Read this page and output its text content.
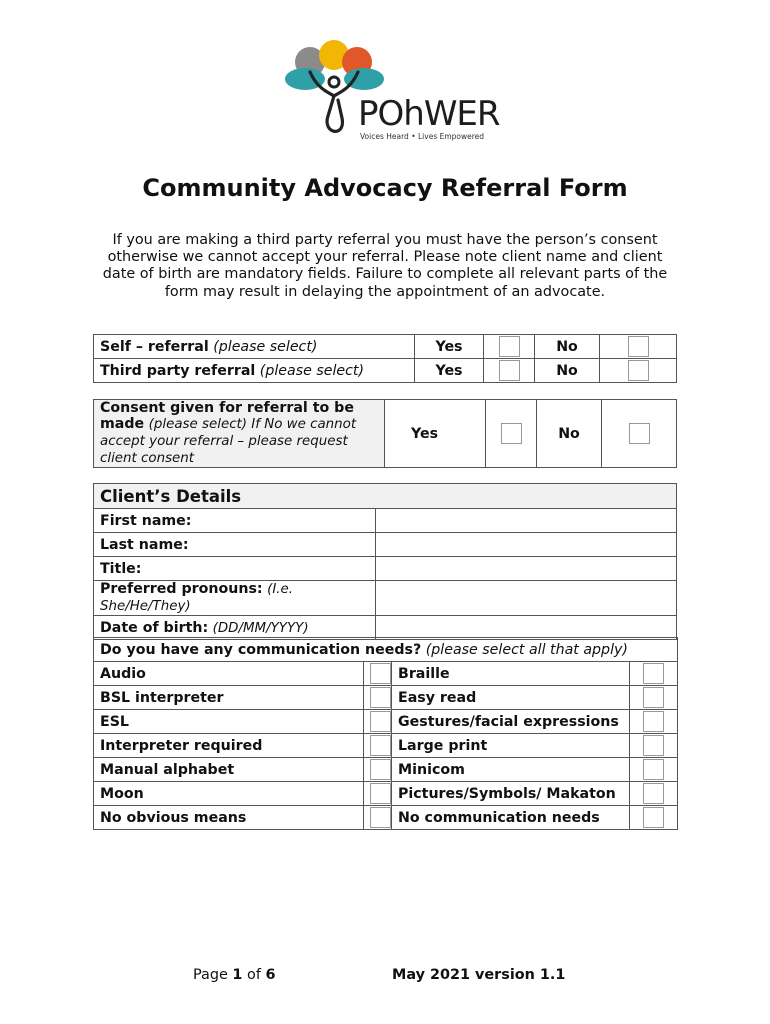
POhWER
Voices Heard • Lives Empowered
Community Advocacy Referral Form
If you are making a third party referral you must have the person’s consent otherwise we cannot accept your referral. Please note client name and client date of birth are mandatory fields. Failure to complete all relevant parts of the form may result in delaying the appointment of an advocate.
Self – referral (please select)	Yes		No	
Third party referral (please select)	Yes		No	
Consent given for referral to be made (please select) If No we cannot accept your referral – please request client consent	Yes		No	
Client’s Details	
First name:	
Last name:	
Title:	
Preferred pronouns: (I.e. She/He/They)	
Date of birth: (DD/MM/YYYY)	
Do you have any communication needs? (please select all that apply)			
Audio		Braille	
BSL interpreter		Easy read	
ESL		Gestures/facial expressions	
Interpreter required		Large print	
Manual alphabet		Minicom	
Moon		Pictures/Symbols/ Makaton	
No obvious means		No communication needs	
Page 1 of 6	May 2021 version 1.1
